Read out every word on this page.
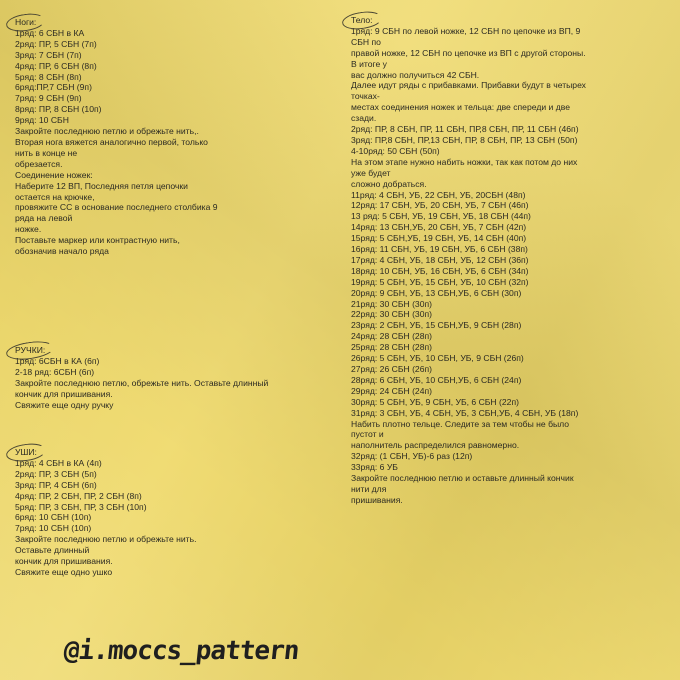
Ноги:
1ряд: 6 СБН в КА
2ряд: ПР, 5 СБН (7п)
3ряд: 7 СБН (7п)
4ряд: ПР, 6 СБН (8п)
5ряд: 8 СБН (8п)
6ряд:ПР,7 СБН (9п)
7ряд: 9 СБН (9п)
8ряд: ПР, 8 СБН (10п)
9ряд: 10 СБН
Закройте последнюю петлю и обрежьте нить,.
Вторая нога вяжется аналогично первой, только
нить в конце не
обрезается.
Соединение ножек:
Наберите 12 ВП, Последняя петля цепочки
остается на крючке,
провяжите СС в основание последнего столбика 9
ряда на левой
ножке.
Поставьте маркер или контрастную нить,
обозначив начало ряда
РУЧКИ:
1ряд: 6СБН в КА (6п)
2-18 ряд: 6СБН (6п)
Закройте последнюю петлю, обрежьте нить. Оставьте длинный
кончик для пришивания.
Свяжите еще одну ручку
УШИ:
1ряд: 4 СБН в КА (4п)
2ряд: ПР, 3 СБН (5п)
3ряд: ПР, 4 СБН (6п)
4ряд: ПР, 2 СБН, ПР, 2 СБН (8п)
5ряд: ПР, 3 СБН, ПР, 3 СБН (10п)
6ряд: 10 СБН (10п)
7ряд: 10 СБН (10п)
Закройте последнюю петлю и обрежьте нить.
Оставьте длинный
кончик для пришивания.
Свяжите еще одно ушко
Тело:
1ряд: 9 СБН по левой ножке, 12 СБН по цепочке из ВП, 9
СБН по
правой ножке, 12 СБН по цепочке из ВП с другой стороны.
В итоге у
вас должно получиться 42 СБН.
Далее идут ряды с прибавками. Прибавки будут в четырех
точках-
местах соединения ножек и тельца: две спереди и две
сзади.
2ряд: ПР, 8 СБН, ПР, 11 СБН, ПР,8 СБН, ПР, 11 СБН (46п)
3ряд: ПР,8 СБН, ПР,13 СБН, ПР, 8 СБН, ПР, 13 СБН (50п)
4-10ряд: 50 СБН (50п)
На этом этапе нужно набить ножки, так как потом до них
уже будет
сложно добраться.
11ряд: 4 СБН, УБ, 22 СБН, УБ, 20СБН (48п)
12ряд: 17 СБН, УБ, 20 СБН, УБ, 7 СБН (46п)
13 ряд: 5 СБН, УБ, 19 СБН, УБ, 18 СБН (44п)
14ряд: 13 СБН,УБ, 20 СБН, УБ, 7 СБН (42п)
15ряд: 5 СБН,УБ, 19 СБН, УБ, 14 СБН (40п)
16ряд: 11 СБН, УБ, 19 СБН, УБ, 6 СБН (38п)
17ряд: 4 СБН, УБ, 18 СБН, УБ, 12 СБН (36п)
18ряд: 10 СБН, УБ, 16 СБН, УБ, 6 СБН (34п)
19ряд: 5 СБН, УБ, 15 СБН, УБ, 10 СБН (32п)
20ряд: 9 СБН, УБ, 13 СБН,УБ, 6 СБН (30п)
21ряд: 30 СБН (30п)
22ряд: 30 СБН (30п)
23ряд: 2 СБН, УБ, 15 СБН,УБ, 9 СБН (28п)
24ряд: 28 СБН (28п)
25ряд: 28 СБН (28п)
26ряд: 5 СБН, УБ, 10 СБН, УБ, 9 СБН (26п)
27ряд: 26 СБН (26п)
28ряд: 6 СБН, УБ, 10 СБН,УБ, 6 СБН (24п)
29ряд: 24 СБН (24п)
30ряд: 5 СБН, УБ, 9 СБН, УБ, 6 СБН (22п)
31ряд: 3 СБН, УБ, 4 СБН, УБ, 3 СБН,УБ, 4 СБН, УБ (18п)
Набить плотно тельце. Следите за тем чтобы не было
пустот и
наполнитель распределился равномерно.
32ряд: (1 СБН, УБ)-6 раз (12п)
33ряд: 6 УБ
Закройте последнюю петлю и оставьте длинный кончик
нити для
пришивания.
@i.moccs_pattern
